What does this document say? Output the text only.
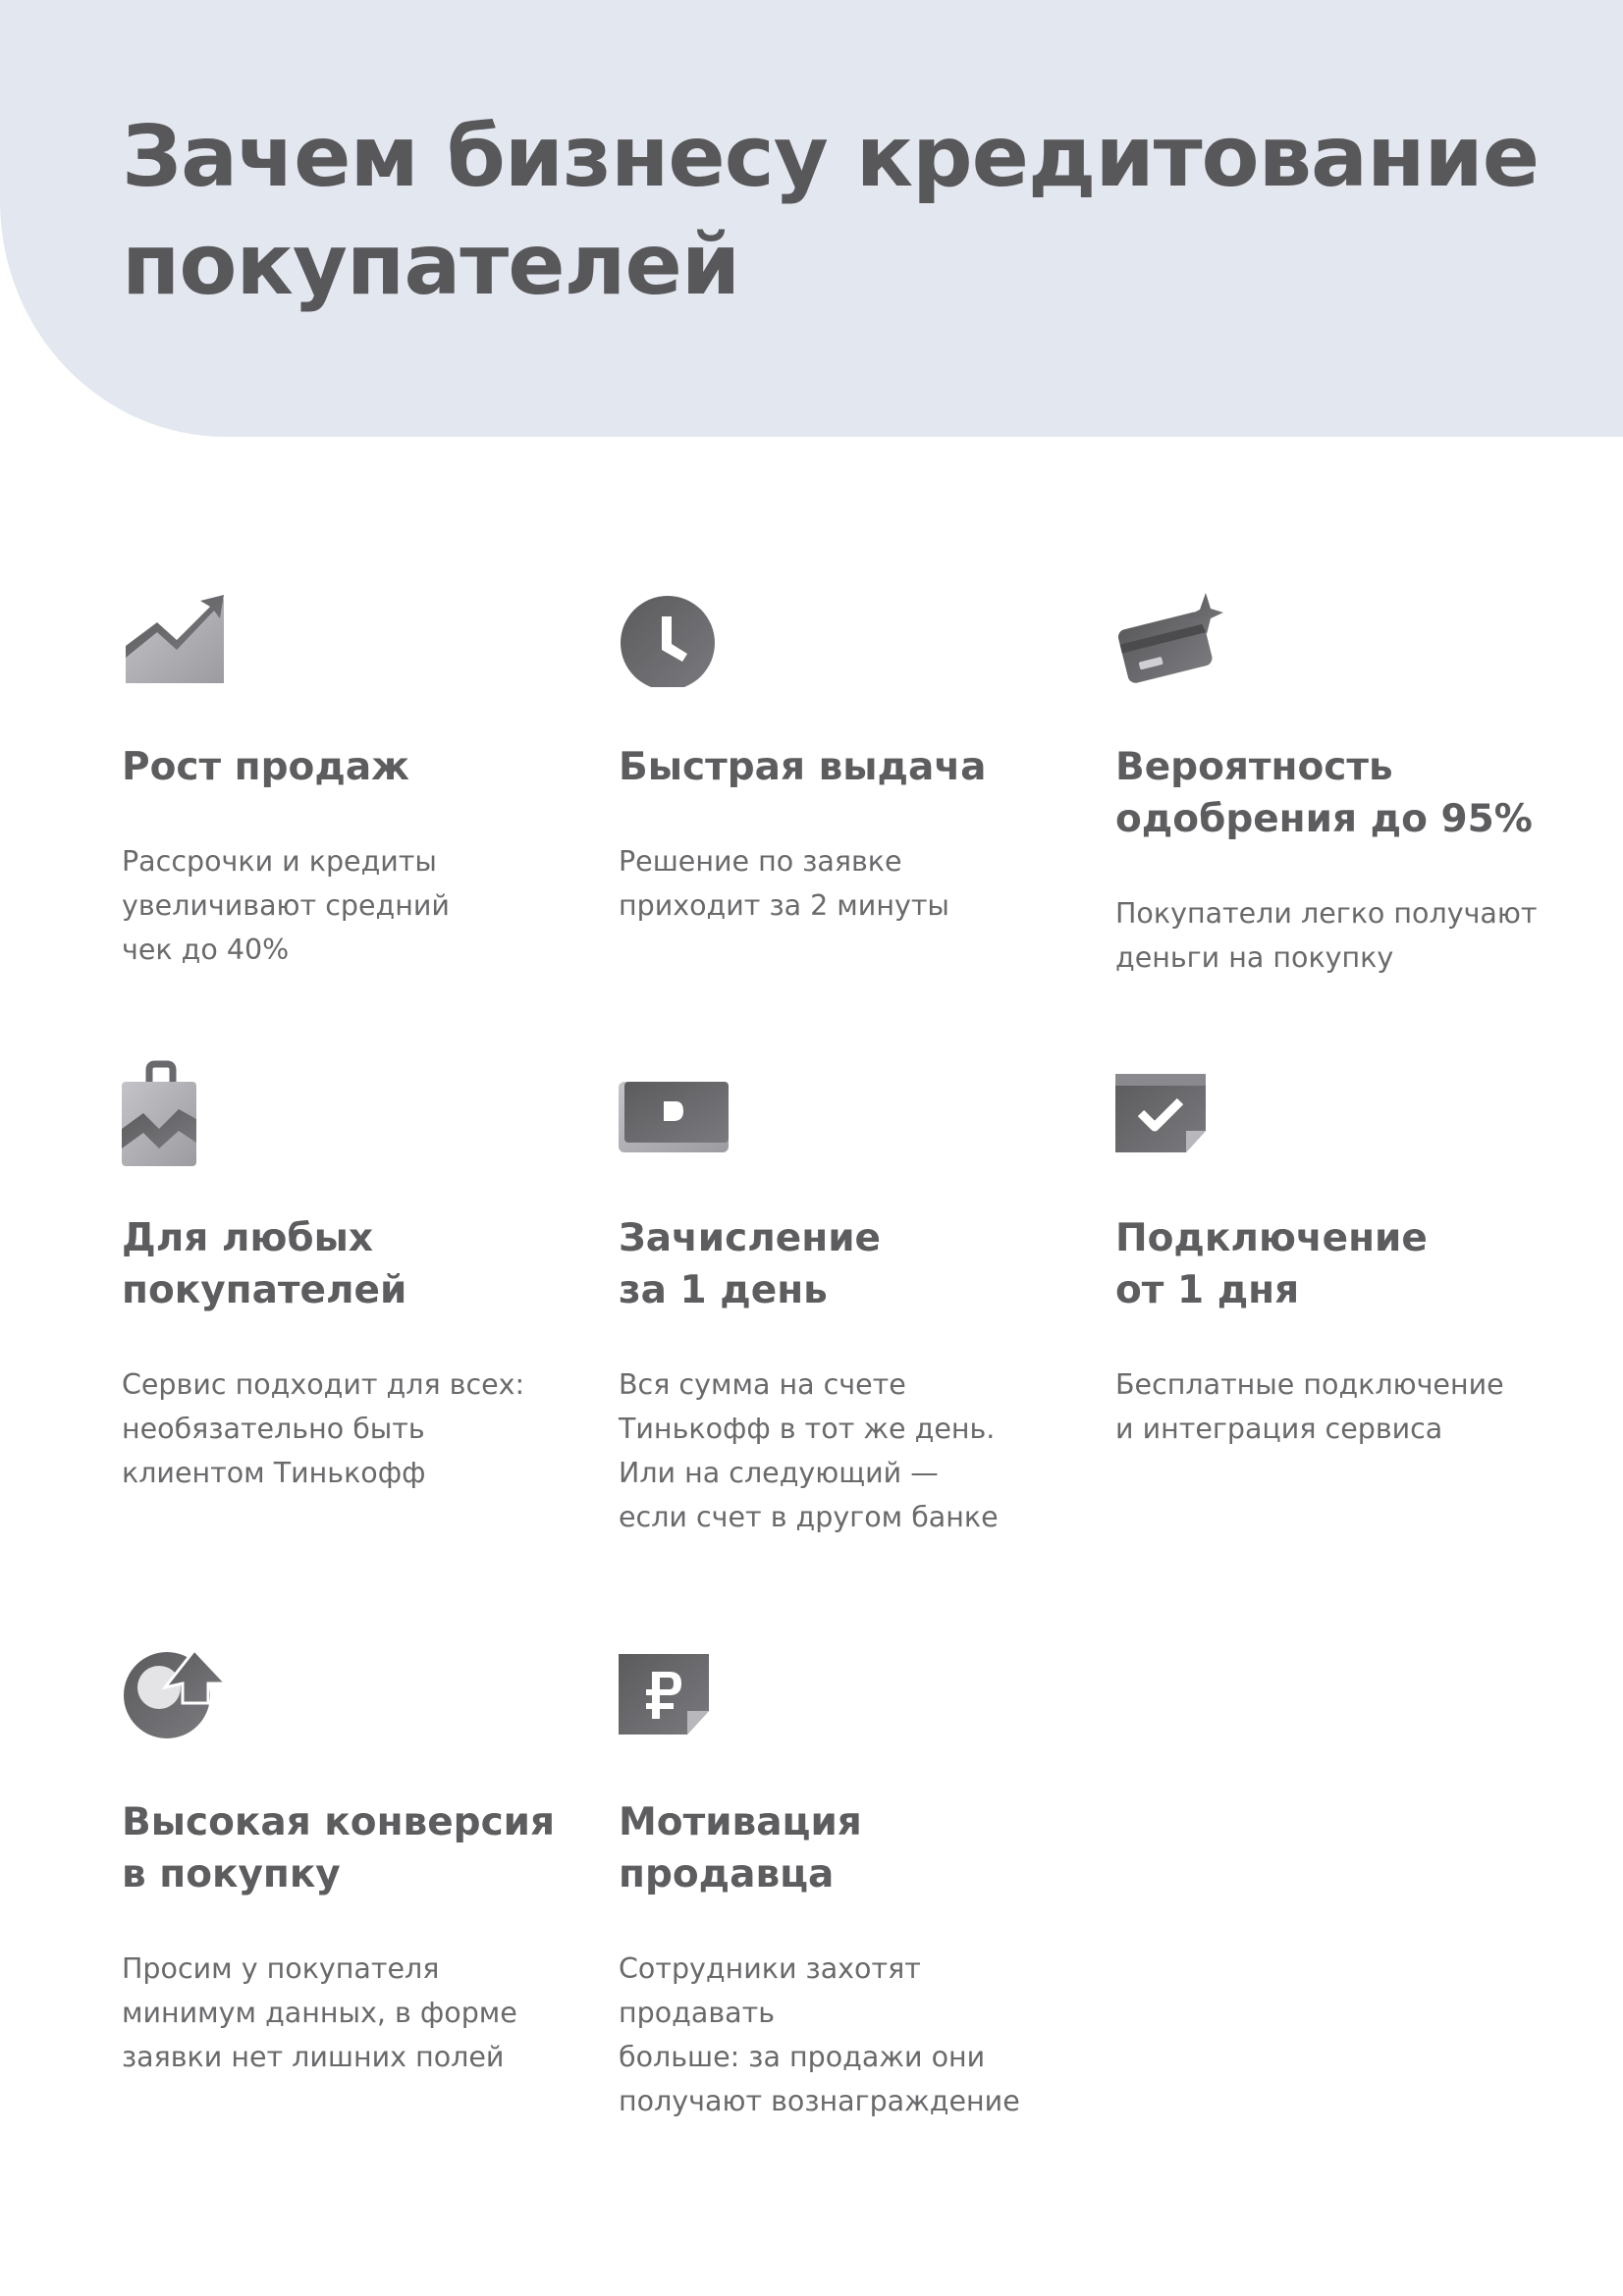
Зачем бизнесу кредитование
покупателей
Рост продаж

Рассрочки и кредиты
увеличивают средний
чек до 40%

Быстрая выдача

Решение по заявке
приходит за 2 минуты

Вероятность
одобрения до 95%

Покупатели легко получают
деньги на покупку

Для любых
покупателей

Сервис подходит для всех:
необязательно быть
клиентом Тинькофф

Зачисление
за 1 день

Вся сумма на счете
Тинькофф в тот же день.
Или на следующий —
если счет в другом банке

Подключение
от 1 дня

Бесплатные подключение
и интеграция сервиса

Высокая конверсия
в покупку

Просим у покупателя
минимум данных, в форме
заявки нет лишних полей

Мотивация
продавца

Сотрудники захотят продавать
больше: за продажи они
получают вознаграждение
